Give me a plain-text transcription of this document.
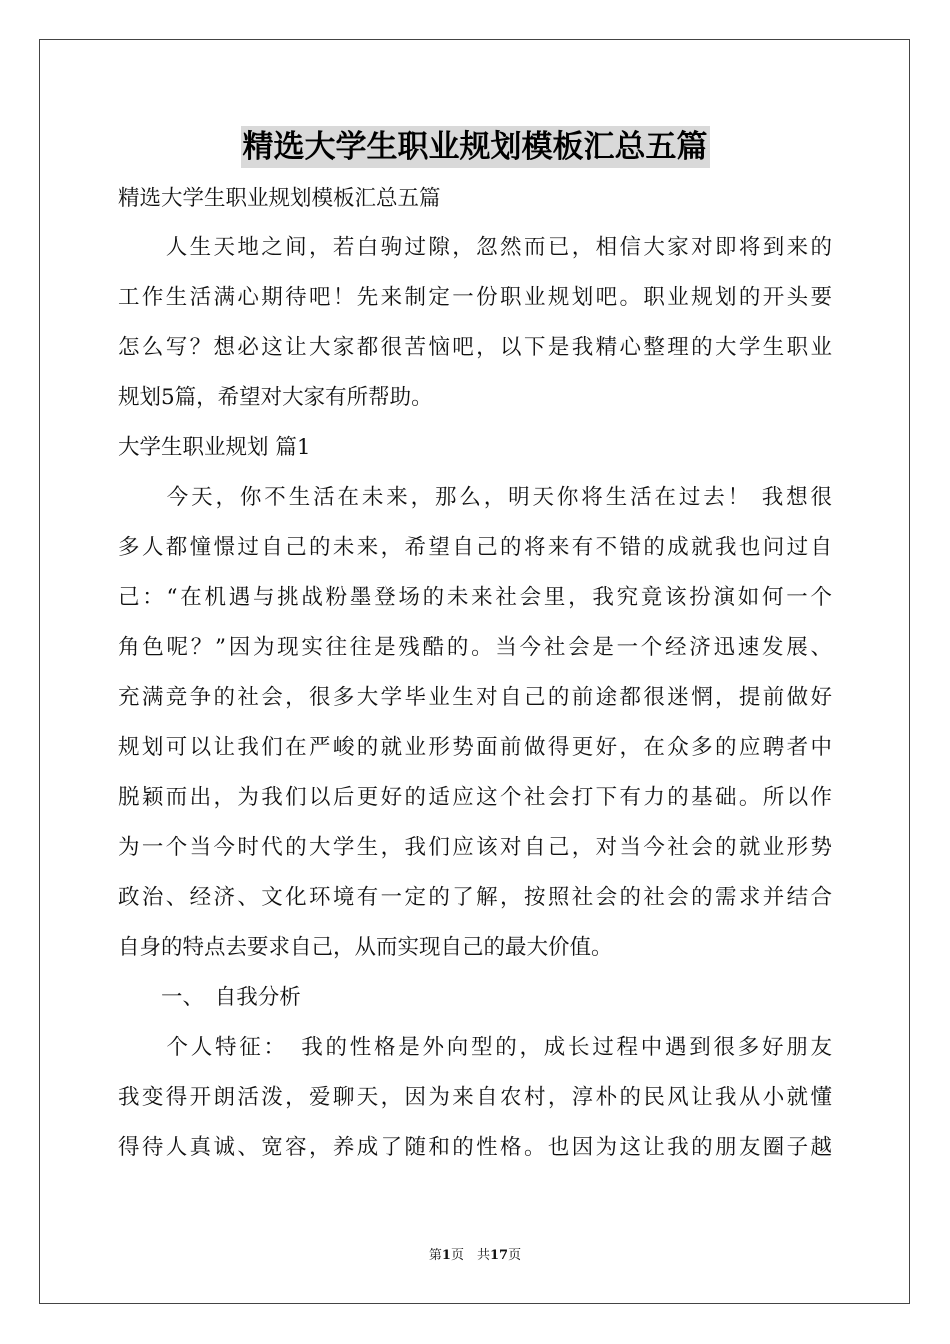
精选大学生职业规划模板汇总五篇

精选大学生职业规划模板汇总五篇

　　人生天地之间，若白驹过隙，忽然而已，相信大家对即将到来的

工作生活满心期待吧！先来制定一份职业规划吧。职业规划的开头要

怎么写？想必这让大家都很苦恼吧，以下是我精心整理的大学生职业

规划5篇，希望对大家有所帮助。

大学生职业规划 篇1

　　今天，你不生活在未来，那么，明天你将生活在过去！ 我想很

多人都憧憬过自己的未来，希望自己的将来有不错的成就我也问过自

己：“在机遇与挑战粉墨登场的未来社会里，我究竟该扮演如何一个

角色呢？”因为现实往往是残酷的。当今社会是一个经济迅速发展、

充满竞争的社会，很多大学毕业生对自己的前途都很迷惘，提前做好

规划可以让我们在严峻的就业形势面前做得更好，在众多的应聘者中

脱颖而出，为我们以后更好的适应这个社会打下有力的基础。所以作

为一个当今时代的大学生，我们应该对自己，对当今社会的就业形势

政治、经济、文化环境有一定的了解，按照社会的社会的需求并结合

自身的特点去要求自己，从而实现自己的最大价值。

　　一、　自我分析

　　个人特征：　我的性格是外向型的，成长过程中遇到很多好朋友

我变得开朗活泼，爱聊天，因为来自农村，淳朴的民风让我从小就懂

得待人真诚、宽容，养成了随和的性格。也因为这让我的朋友圈子越

第1页　共17页
